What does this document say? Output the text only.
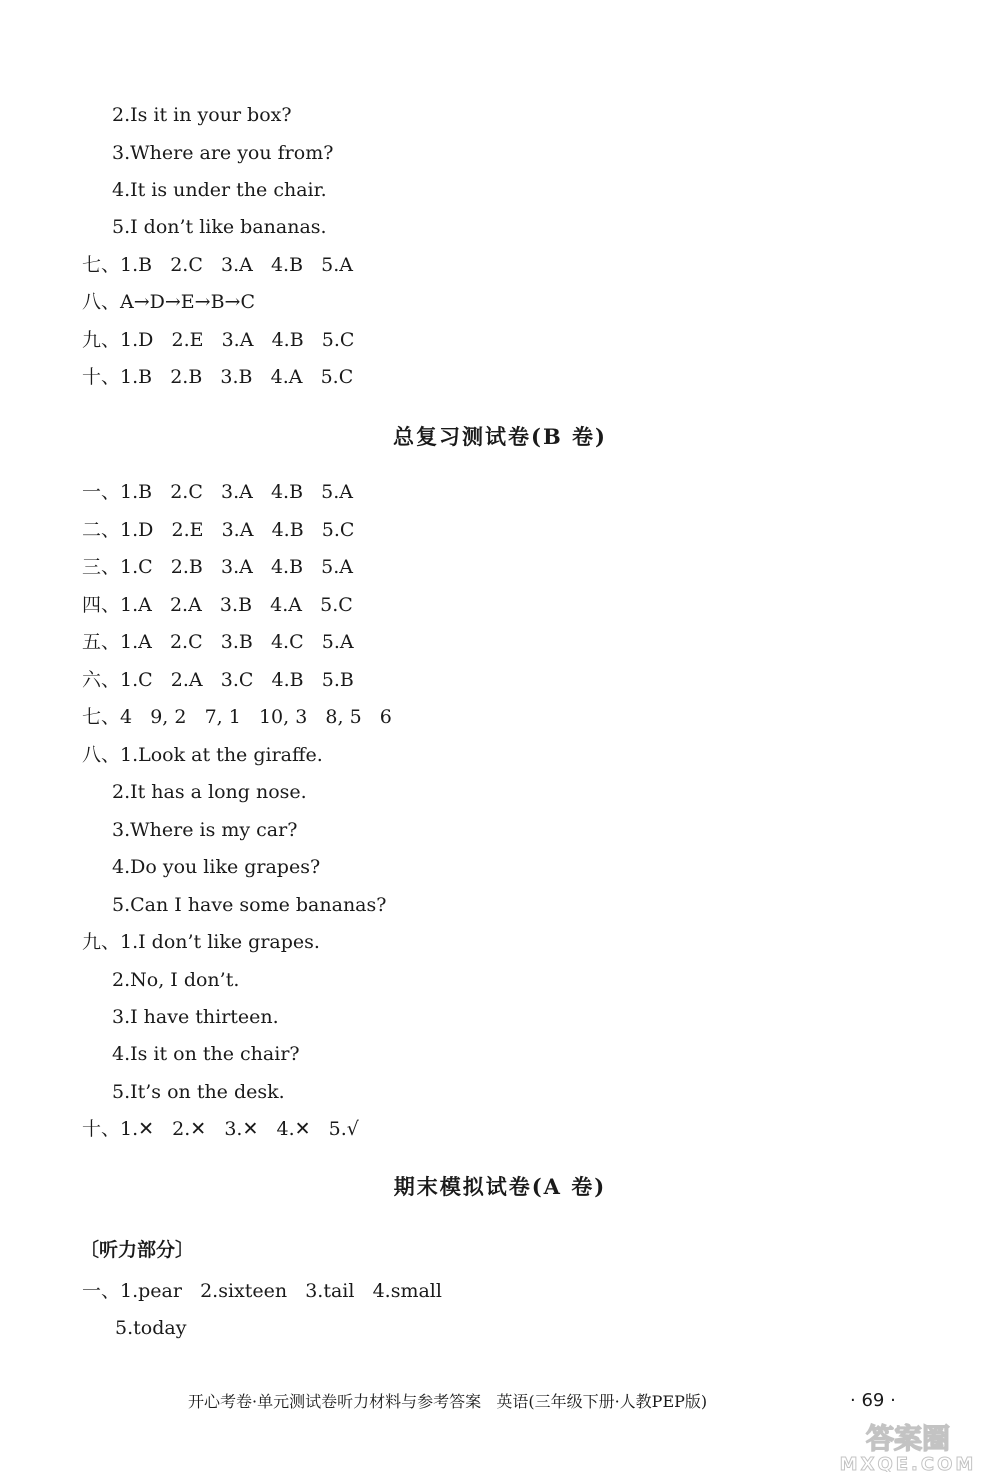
2.Is it in your box?
3.Where are you from?
4.It is under the chair.
5.I don’t like bananas.
七、1.B   2.C   3.A   4.B   5.A
八、A→D→E→B→C
九、1.D   2.E   3.A   4.B   5.C
十、1.B   2.B   3.B   4.A   5.C
总复习测试卷(B 卷)
一、1.B   2.C   3.A   4.B   5.A
二、1.D   2.E   3.A   4.B   5.C
三、1.C   2.B   3.A   4.B   5.A
四、1.A   2.A   3.B   4.A   5.C
五、1.A   2.C   3.B   4.C   5.A
六、1.C   2.A   3.C   4.B   5.B
七、4   9, 2   7, 1   10, 3   8, 5   6
八、1.Look at the giraffe.
2.It has a long nose.
3.Where is my car?
4.Do you like grapes?
5.Can I have some bananas?
九、1.I don’t like grapes.
2.No, I don’t.
3.I have thirteen.
4.Is it on the chair?
5.It’s on the desk.
十、1.✕   2.✕   3.✕   4.✕   5.√
期末模拟试卷(A 卷)
〔听力部分〕
一、1.pear   2.sixteen   3.tail   4.small
5.today
开心考卷·单元测试卷听力材料与参考答案   英语(三年级下册·人教PEP版)	· 69 ·
答案圈
MXQE.COM
